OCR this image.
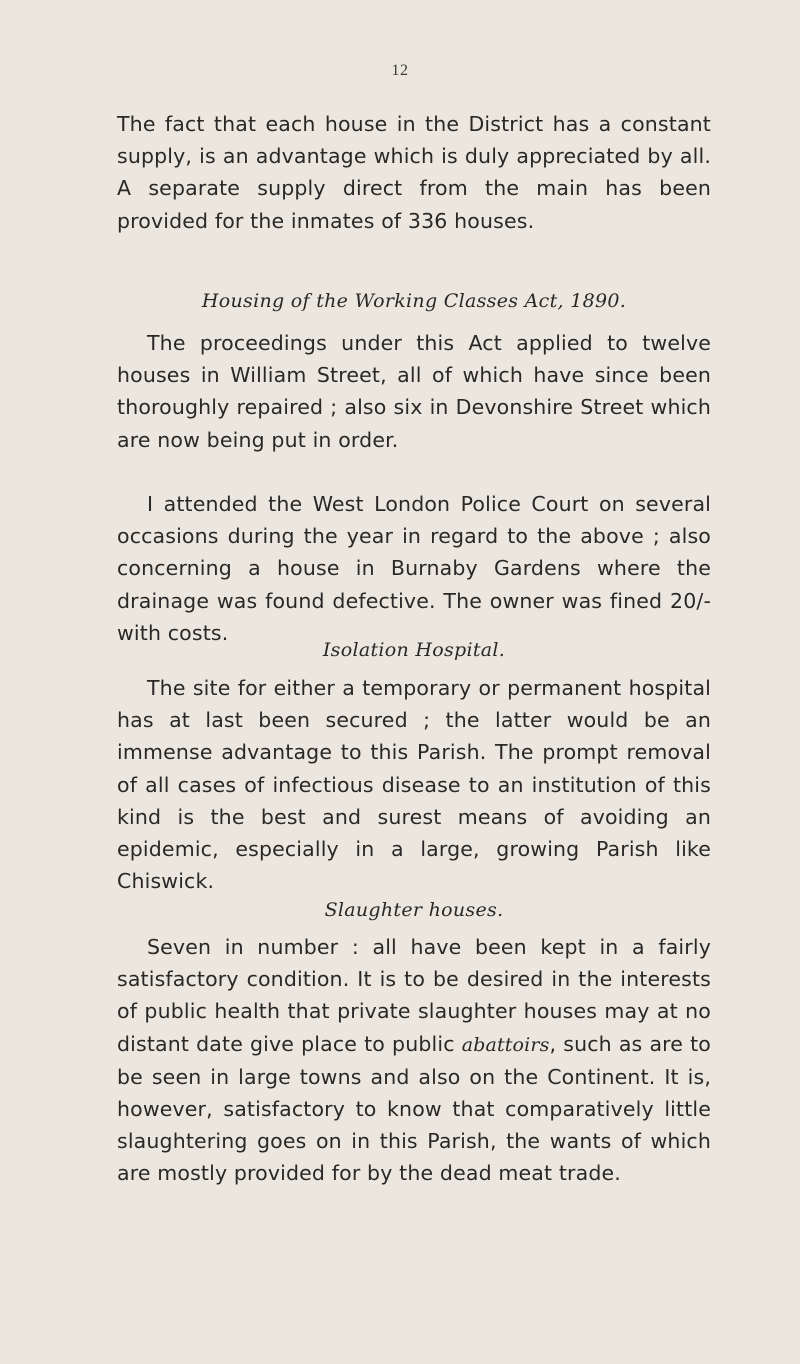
12

The fact that each house in the District has a constant supply, is an advantage which is duly appreciated by all. A separate supply direct from the main has been provided for the inmates of 336 houses.

Housing of the Working Classes Act, 1890.

The proceedings under this Act applied to twelve houses in William Street, all of which have since been thoroughly repaired ; also six in Devonshire Street which are now being put in order.

I attended the West London Police Court on several occasions during the year in regard to the above ; also concerning a house in Burnaby Gardens where the drainage was found defective. The owner was fined 20/- with costs.

Isolation Hospital.

The site for either a temporary or permanent hospital has at last been secured ; the latter would be an immense advantage to this Parish. The prompt removal of all cases of infectious disease to an institution of this kind is the best and surest means of avoiding an epidemic, especially in a large, growing Parish like Chiswick.

Slaughter houses.

Seven in number : all have been kept in a fairly satisfactory condition. It is to be desired in the interests of public health that private slaughter houses may at no distant date give place to public abattoirs, such as are to be seen in large towns and also on the Continent. It is, however, satisfactory to know that comparatively little slaughtering goes on in this Parish, the wants of which are mostly provided for by the dead meat trade.
